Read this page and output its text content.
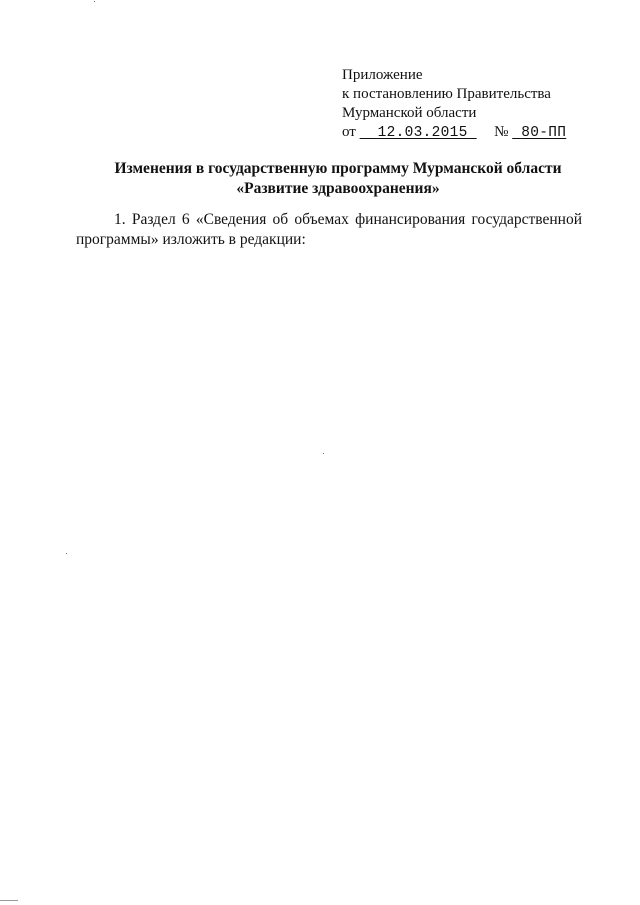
Приложение
к постановлению Правительства
Мурманской области
от 12.03.2015 № 80-ПП
Изменения в государственную программу Мурманской области
«Развитие здравоохранения»
1. Раздел 6 «Сведения об объемах финансирования государственной
программы» изложить в редакции:
